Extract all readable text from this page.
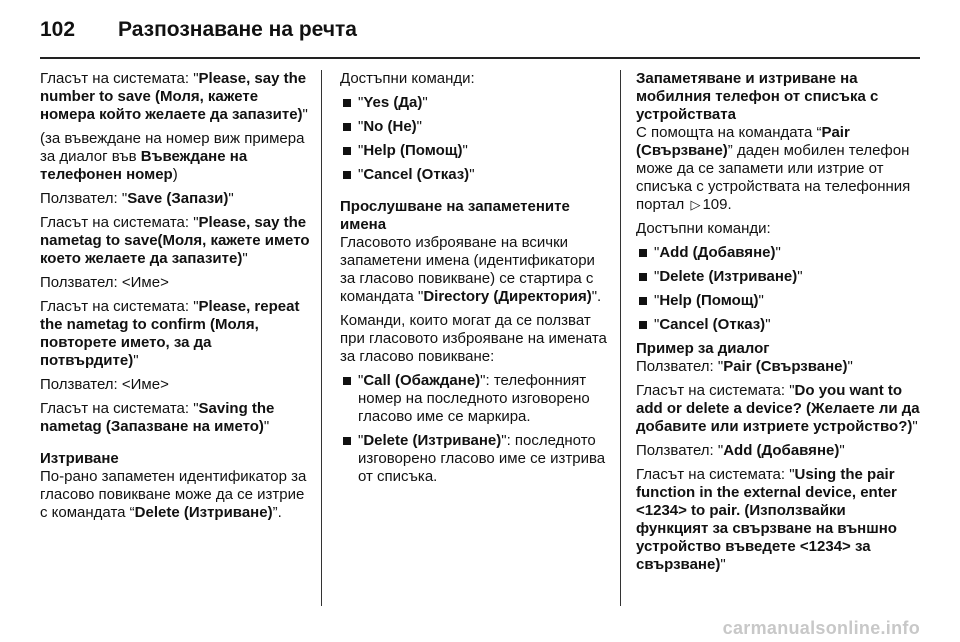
102 Разпознаване на речта

Гласът на системата: "Please, say the number to save (Моля, кажете номера който желаете да запазите)"

(за въвеждане на номер виж примера за диалог във Въвеждане на телефонен номер)

Ползвател: "Save (Запази)"

Гласът на системата: "Please, say the nametag to save(Моля, кажете името което желаете да запазите)"

Ползвател: <Име>

Гласът на системата: "Please, repeat the nametag to confirm (Моля, повторете името, за да потвърдите)"

Ползвател: <Име>

Гласът на системата: "Saving the nametag (Запазване на името)"

Изтриване

По-рано запаметен идентификатор за гласово повикване може да се изтрие с командата “Delete (Изтриване)”.

Достъпни команди:

"Yes (Да)"
"No (Не)"
"Help (Помощ)"
"Cancel (Отказ)"

Прослушване на запаметените имена

Гласовото изброяване на всички запаметени имена (идентификатори за гласово повикване) се стартира с командата "Directory (Директория)".

Команди, които могат да се ползват при гласовото изброяване на имената за гласово повикване:

"Call (Обаждане)": телефонният номер на последното изговорено гласово име се маркира.
"Delete (Изтриване)": последното изговорено гласово име се изтрива от списъка.

Запаметяване и изтриване на мобилния телефон от списъка с устройствата

С помощта на командата “Pair (Свързване)” даден мобилен телефон може да се запамети или изтрие от списъка с устройствата на телефонния портал ▷ 109.

Достъпни команди:

"Add (Добавяне)"
"Delete (Изтриване)"
"Help (Помощ)"
"Cancel (Отказ)"

Пример за диалог

Ползвател: "Pair (Свързване)"

Гласът на системата: "Do you want to add or delete a device? (Желаете ли да добавите или изтриете устройство?)"

Ползвател: "Add (Добавяне)"

Гласът на системата: "Using the pair function in the external device, enter <1234> to pair. (Използвайки функцият за свързване на външно устройство въведете <1234> за свързване)"

carmanualsonline.info
